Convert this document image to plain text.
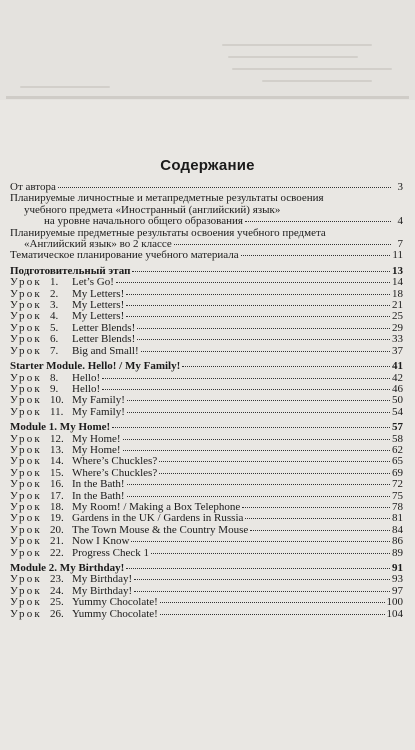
Содержание
От автора	3
Планируемые личностные и метапредметные результаты освоения
учебного предмета «Иностранный (английский) язык»
на уровне начального общего образования	4
Планируемые предметные результаты освоения учебного предмета
«Английский язык» во 2 классе	7
Тематическое планирование учебного материала	11
Подготовительный этап	13
Урок 1. Let’s Go!	14
Урок 2. My Letters!	18
Урок 3. My Letters!	21
Урок 4. My Letters!	25
Урок 5. Letter Blends!	29
Урок 6. Letter Blends!	33
Урок 7. Big and Small!	37
Starter Module. Hello! / My Family!	41
Урок 8. Hello!	42
Урок 9. Hello!	46
Урок 10. My Family!	50
Урок 11. My Family!	54
Module 1. My Home!	57
Урок 12. My Home!	58
Урок 13. My Home!	62
Урок 14. Where’s Chuckles?	65
Урок 15. Where’s Chuckles?	69
Урок 16. In the Bath!	72
Урок 17. In the Bath!	75
Урок 18. My Room! / Making a Box Telephone	78
Урок 19. Gardens in the UK / Gardens in Russia	81
Урок 20. The Town Mouse & the Country Mouse	84
Урок 21. Now I Know	86
Урок 22. Progress Check 1	89
Module 2. My Birthday!	91
Урок 23. My Birthday!	93
Урок 24. My Birthday!	97
Урок 25. Yummy Chocolate!	100
Урок 26. Yummy Chocolate!	104
